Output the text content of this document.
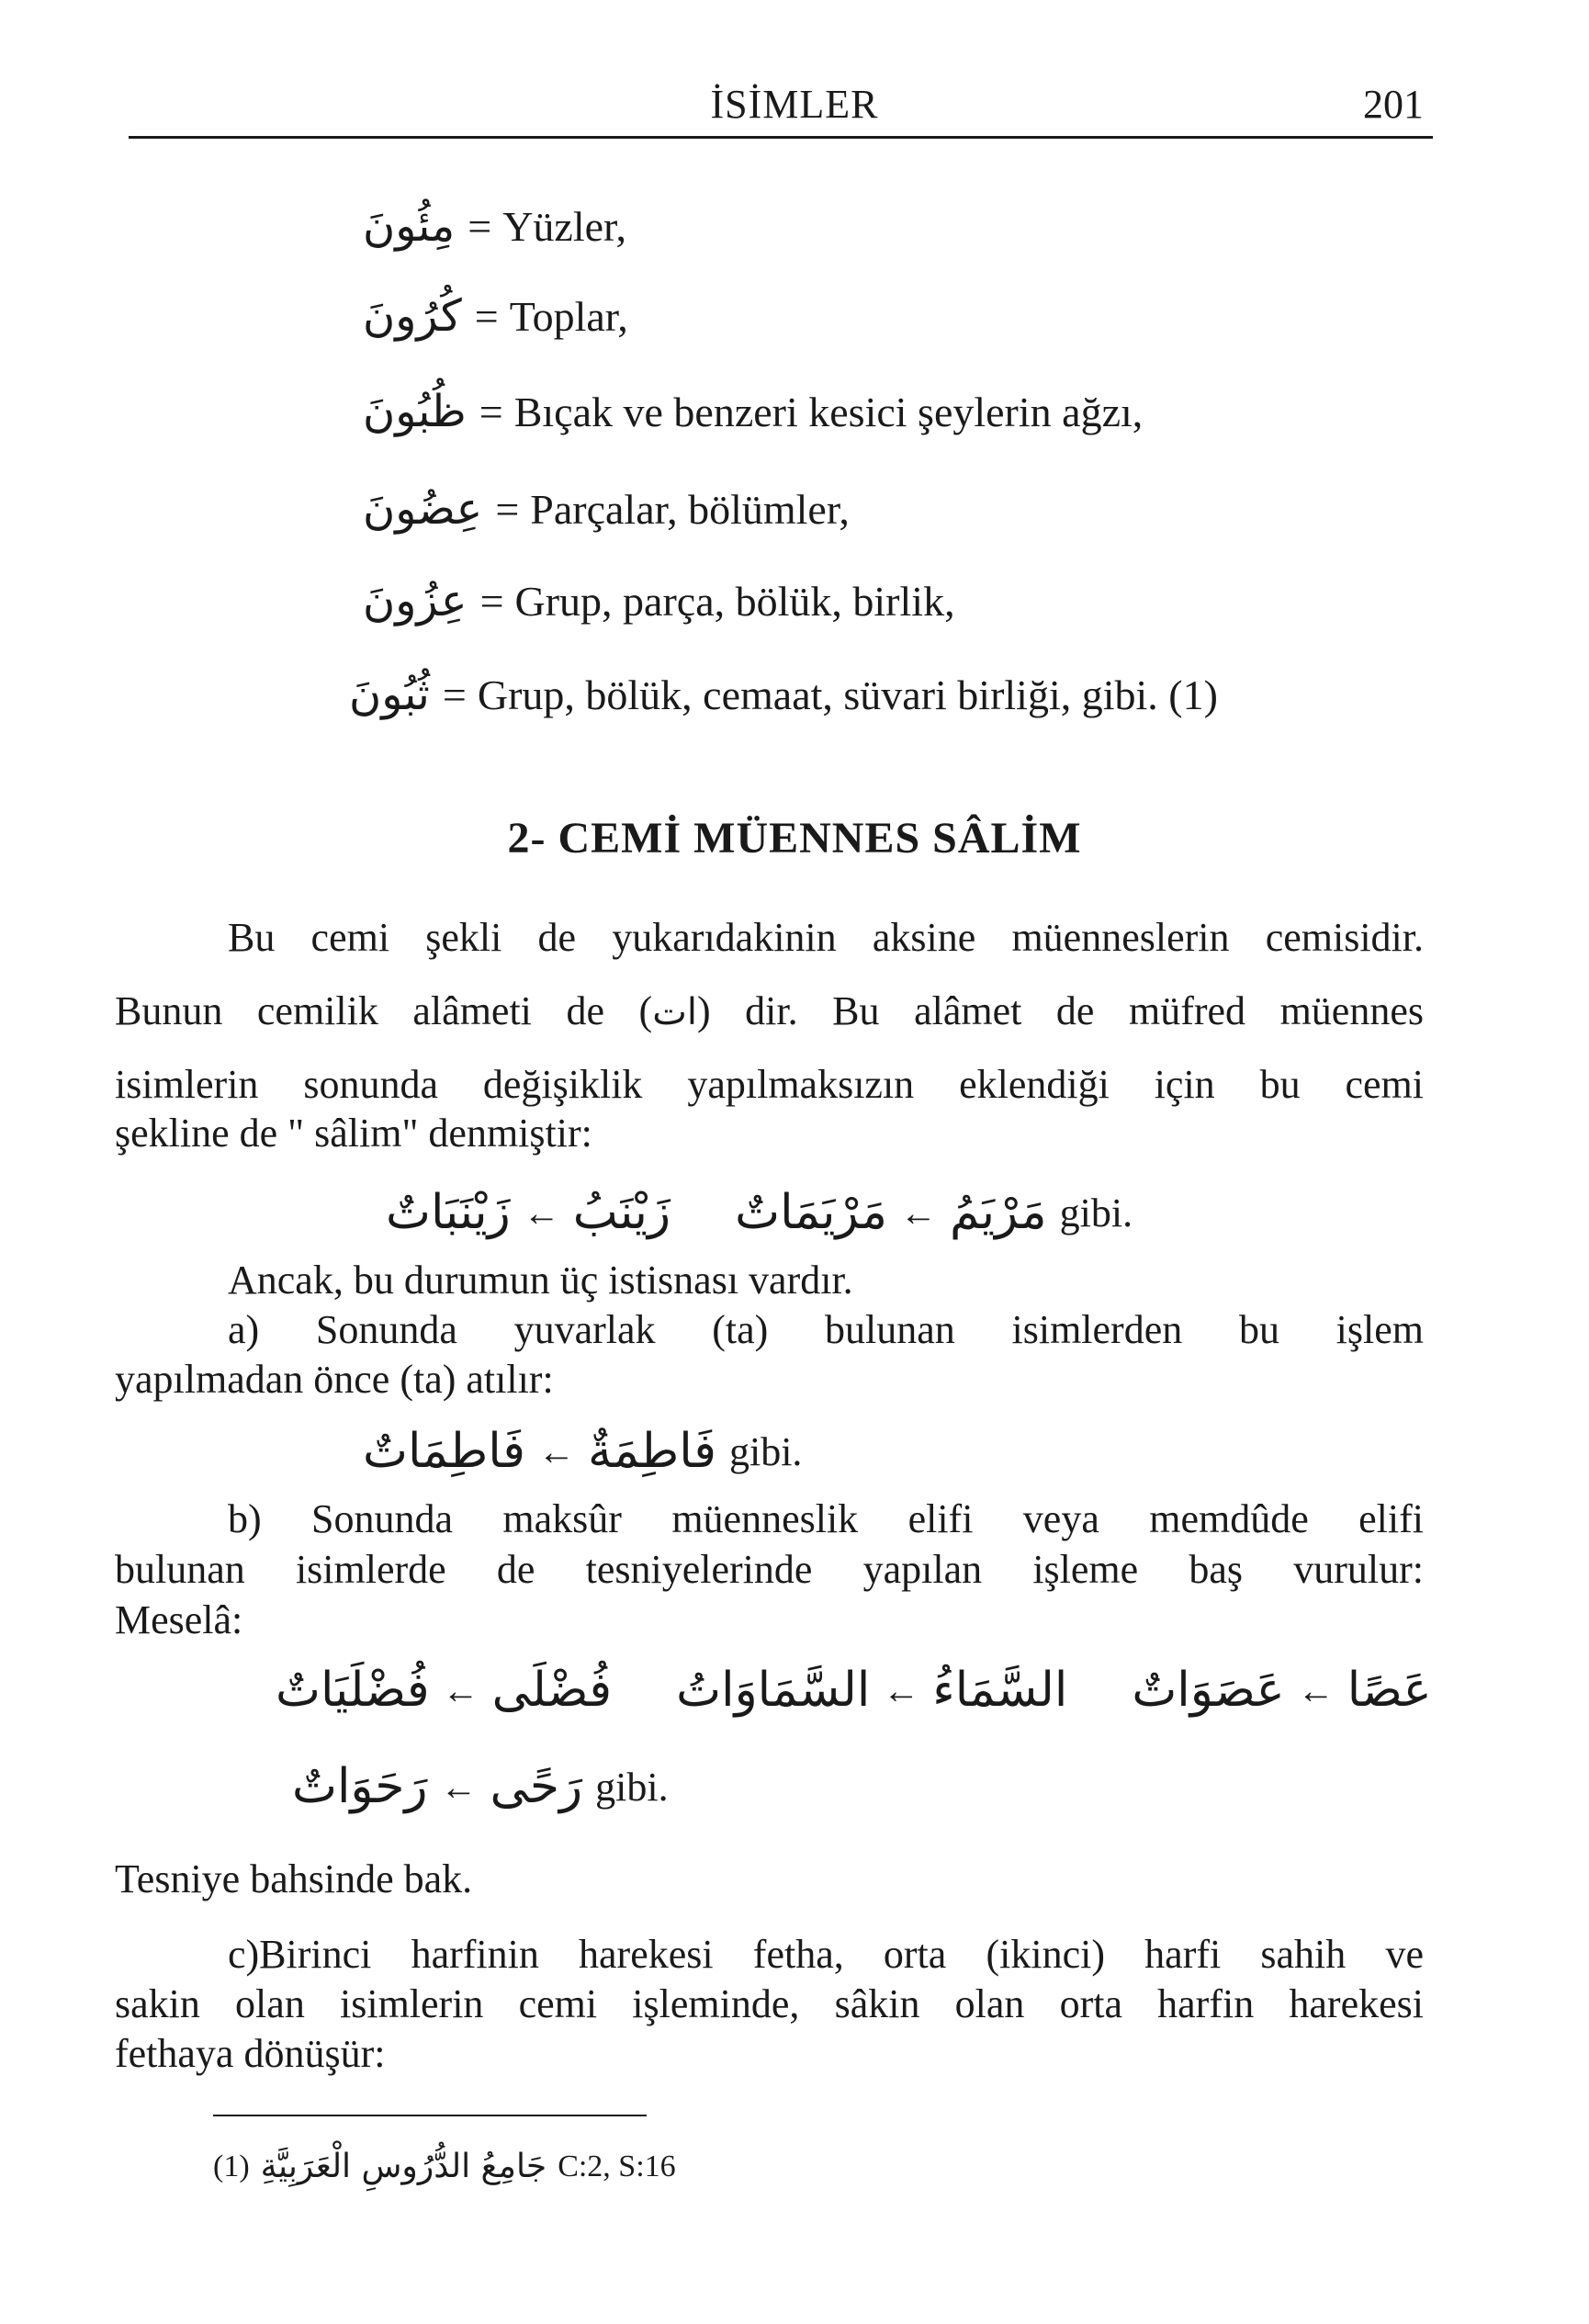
İSİMLER	201
مِئُونَ = Yüzler,
كُرُونَ = Toplar,
ظُبُونَ = Bıçak ve benzeri kesici şeylerin ağzı,
عِضُونَ = Parçalar, bölümler,
عِزُونَ = Grup, parça, bölük, birlik,
ثُبُونَ = Grup, bölük, cemaat, süvari birliği, gibi. (1)
2- CEMİ MÜENNES SÂLİM
Bu cemi şekli de yukarıdakinin aksine müenneslerin cemisidir.
Bunun cemilik alâmeti de (ات) dir. Bu alâmet de müfred müennes
isimlerin sonunda değişiklik yapılmaksızın eklendiği için bu cemi
şekline de " sâlim" denmiştir:
زَيْنَبَاتٌ ← زَيْنَبُ مَرْيَمَاتٌ ← مَرْيَمُ gibi.
Ancak, bu durumun üç istisnası vardır.
a) Sonunda yuvarlak (ta) bulunan isimlerden bu işlem
yapılmadan önce (ta) atılır:
فَاطِمَاتٌ ← فَاطِمَةٌ gibi.
b) Sonunda maksûr müenneslik elifi veya memdûde elifi
bulunan isimlerde de tesniyelerinde yapılan işleme baş vurulur:
Meselâ:
فُضْلَيَاتٌ ← فُضْلَى السَّمَاوَاتُ ← السَّمَاءُ عَصَوَاتٌ ← عَصًا
رَحَوَاتٌ ← رَحًى gibi.
Tesniye bahsinde bak.
c)Birinci harfinin harekesi fetha, orta (ikinci) harfi sahih ve
sakin olan isimlerin cemi işleminde, sâkin olan orta harfin harekesi
fethaya dönüşür:
(1) جَامِعُ الدُّرُوسِ الْعَرَبِيَّةِ C:2, S:16
